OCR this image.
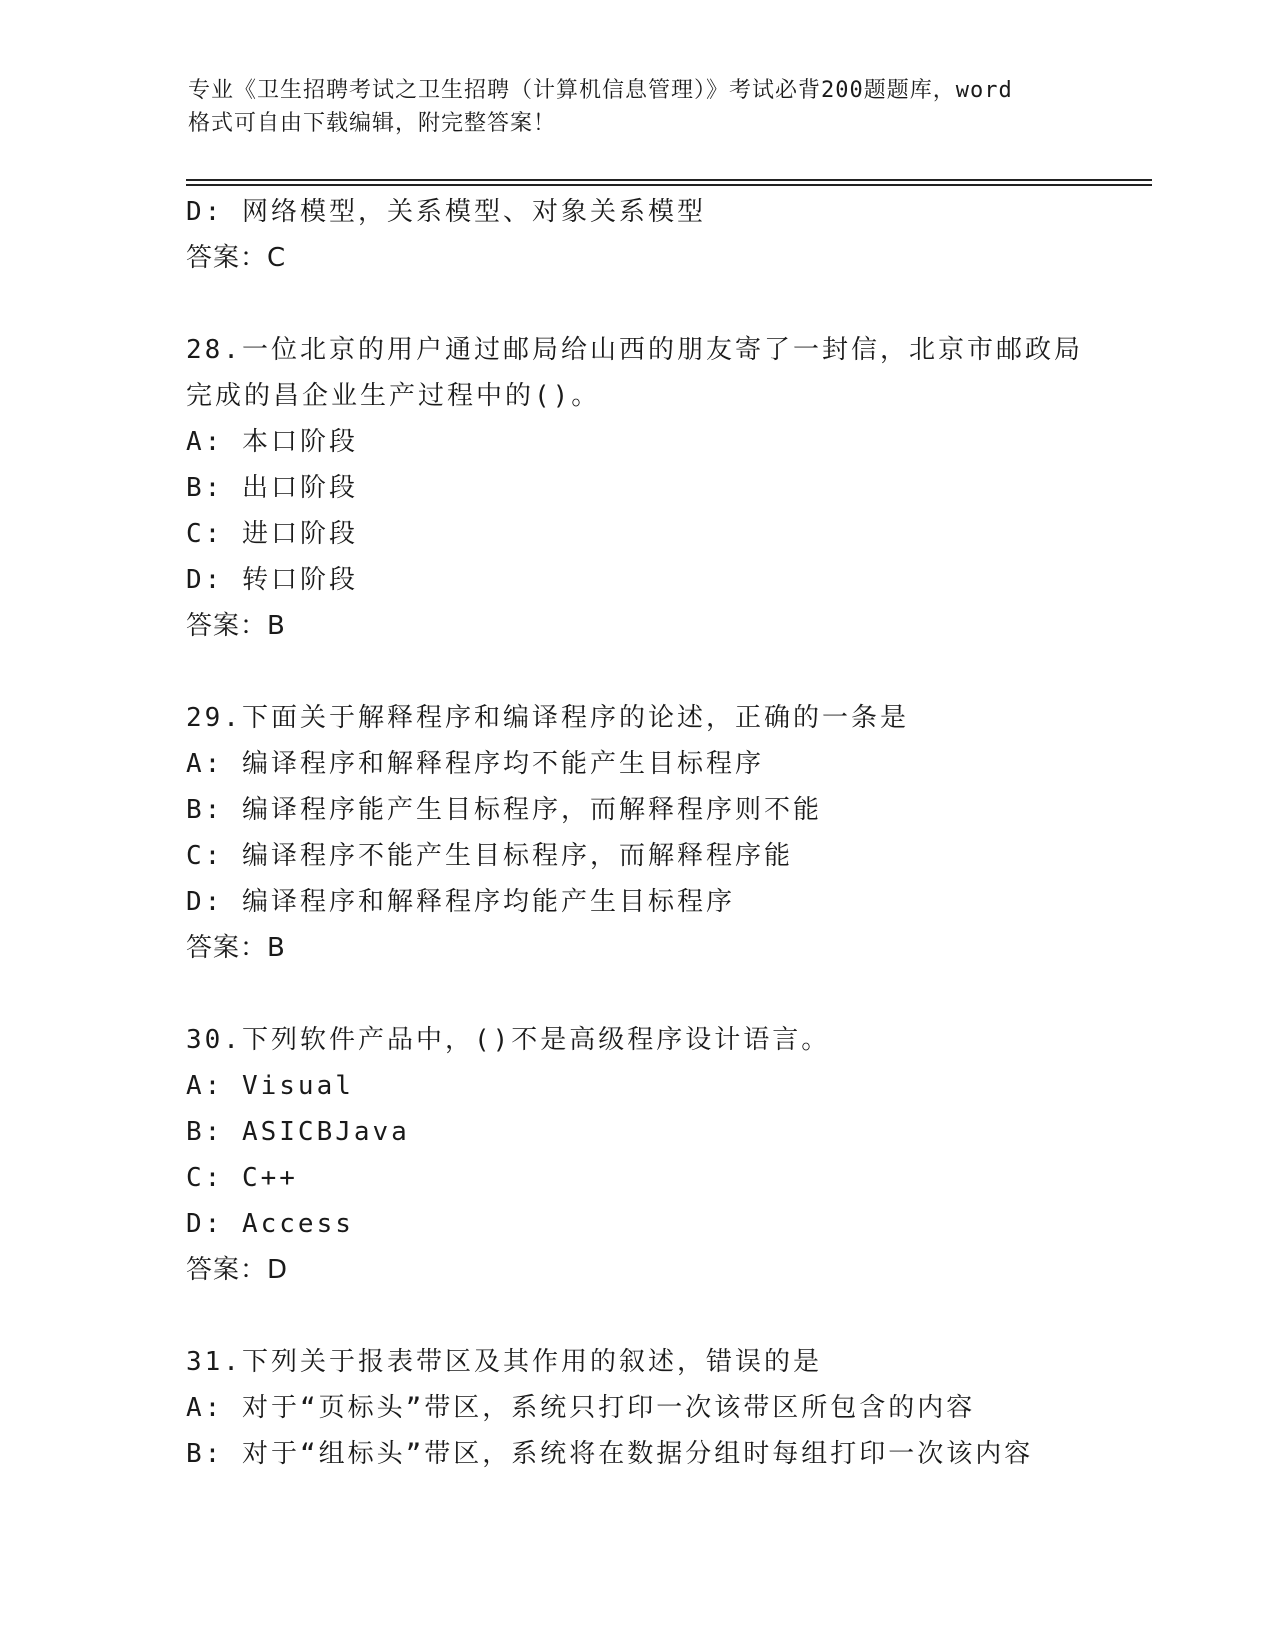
专业《卫生招聘考试之卫生招聘（计算机信息管理）》考试必背200题题库，word
格式可自由下载编辑，附完整答案！
D: 网络模型，关系模型、对象关系模型
答案：C
28.一位北京的用户通过邮局给山西的朋友寄了一封信，北京市邮政局
完成的昌企业生产过程中的()。
A: 本口阶段
B: 出口阶段
C: 进口阶段
D: 转口阶段
答案：B
29.下面关于解释程序和编译程序的论述，正确的一条是
A: 编译程序和解释程序均不能产生目标程序
B: 编译程序能产生目标程序，而解释程序则不能
C: 编译程序不能产生目标程序，而解释程序能
D: 编译程序和解释程序均能产生目标程序
答案：B
30.下列软件产品中，()不是高级程序设计语言。
A: Visual
B: ASICBJava
C: C++
D: Access
答案：D
31.下列关于报表带区及其作用的叙述，错误的是
A: 对于“页标头”带区，系统只打印一次该带区所包含的内容
B: 对于“组标头”带区，系统将在数据分组时每组打印一次该内容
